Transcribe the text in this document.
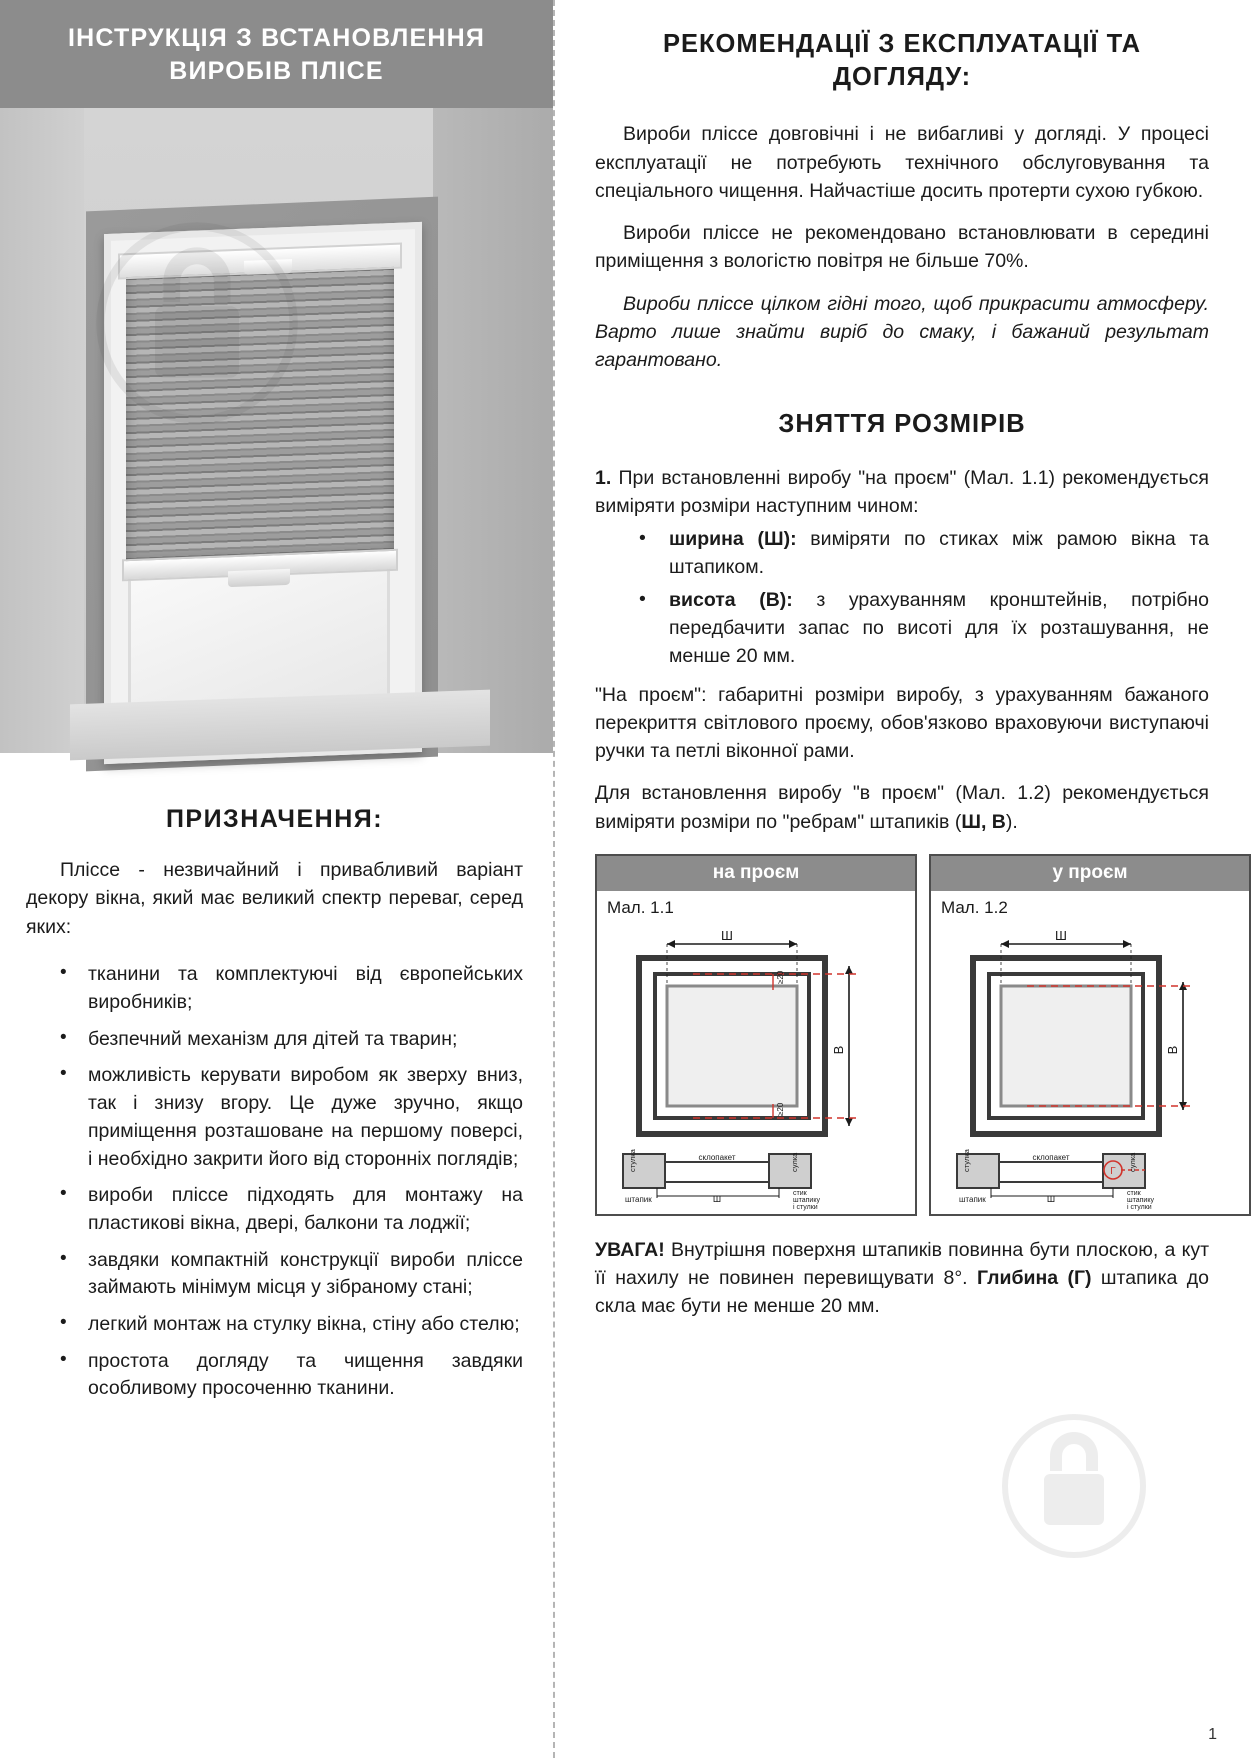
ІНСТРУКЦІЯ З ВСТАНОВЛЕННЯ ВИРОБІВ ПЛІСЕ
ПРИЗНАЧЕННЯ:

Пліссе - незвичайний і привабливий варіант декору вікна, який має великий спектр переваг, серед яких:

• тканини та комплектуючі від європейських виробників;
• безпечний механізм для дітей та тварин;
• можливість керувати виробом як зверху вниз, так і знизу вгору. Це дуже зручно, якщо приміщення розташоване на першому поверсі, і необхідно закрити його від сторонніх поглядів;
• вироби пліссе підходять для монтажу на пластикові вікна, двері, балкони та лоджії;
• завдяки компактній конструкції вироби пліссе займають мінімум місця у зібраному стані;
• легкий монтаж на стулку вікна, стіну або стелю;
• простота догляду та чищення завдяки особливому просоченню тканини.
РЕКОМЕНДАЦІЇ З ЕКСПЛУАТАЦІЇ ТА ДОГЛЯДУ:

Вироби пліссе довговічні і не вибагливі у догляді. У процесі експлуатації не потребують технічного обслуговування та спеціального чищення. Найчастіше досить протерти сухою губкою.

Вироби пліссе не рекомендовано встановлювати в середині приміщення з вологістю повітря не більше 70%.

Вироби пліссе цілком гідні того, щоб прикрасити атмосферу. Варто лише знайти виріб до смаку, і бажаний результат гарантовано.

ЗНЯТТЯ РОЗМІРІВ

1. При встановленні виробу "на проєм" (Мал. 1.1) рекомендується виміряти розміри наступним чином:

• ширина (Ш): виміряти по стиках між рамою вікна та штапиком.
• висота (В): з урахуванням кронштейнів, потрібно передбачити запас по висоті для їх розташування, не менше 20 мм.

"На проєм": габаритні розміри виробу, з урахуванням бажаного перекриття світлового проєму, обов'язково враховуючи виступаючі ручки та петлі віконної рами.

Для встановлення виробу "в проєм" (Мал. 1.2) рекомендується виміряти розміри по "ребрам" штапиків (Ш, В).

на проєм
Мал. 1.1
Ш
В
≥20
≥20
стулка	склопакет	сулка
штапик	Ш
стик
штапику
і стулки
у проєм
Мал. 1.2
Г
Ш
В
стулка	склопакет	сулка
штапик	Ш
стик
штапику
і стулки

УВАГА! Внутрішня поверхня штапиків повинна бути плоскою, а кут її нахилу не повинен перевищувати 8°. Глибина (Г) штапика до скла має бути не менше 20 мм.

1
